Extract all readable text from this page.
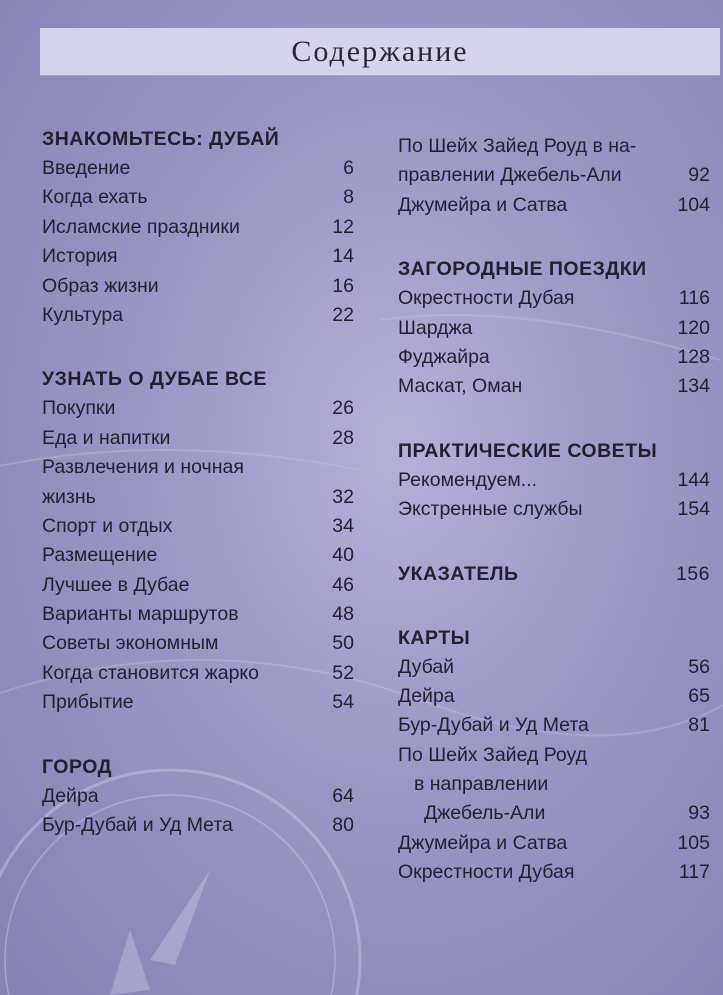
Содержание
ЗНАКОМЬТЕСЬ: ДУБАЙ
Введение	6
Когда ехать	8
Исламские праздники	12
История	14
Образ жизни	16
Культура	22
УЗНАТЬ О ДУБАЕ ВСЕ
Покупки	26
Еда и напитки	28
Развлечения и ночная
жизнь	32
Спорт и отдых	34
Размещение	40
Лучшее в Дубае	46
Варианты маршрутов	48
Советы экономным	50
Когда становится жарко	52
Прибытие	54
ГОРОД
Дейра	64
Бур-Дубай и Уд Мета	80
По Шейх Зайед Роуд в на-
правлении Джебель-Али	92
Джумейра и Сатва	104
ЗАГОРОДНЫЕ ПОЕЗДКИ
Окрестности Дубая	116
Шарджа	120
Фуджайра	128
Маскат, Оман	134
ПРАКТИЧЕСКИЕ СОВЕТЫ
Рекомендуем...	144
Экстренные службы	154
УКАЗАТЕЛЬ	156
КАРТЫ
Дубай	56
Дейра	65
Бур-Дубай и Уд Мета	81
По Шейх Зайед Роуд
в направлении
Джебель-Али	93
Джумейра и Сатва	105
Окрестности Дубая	117
